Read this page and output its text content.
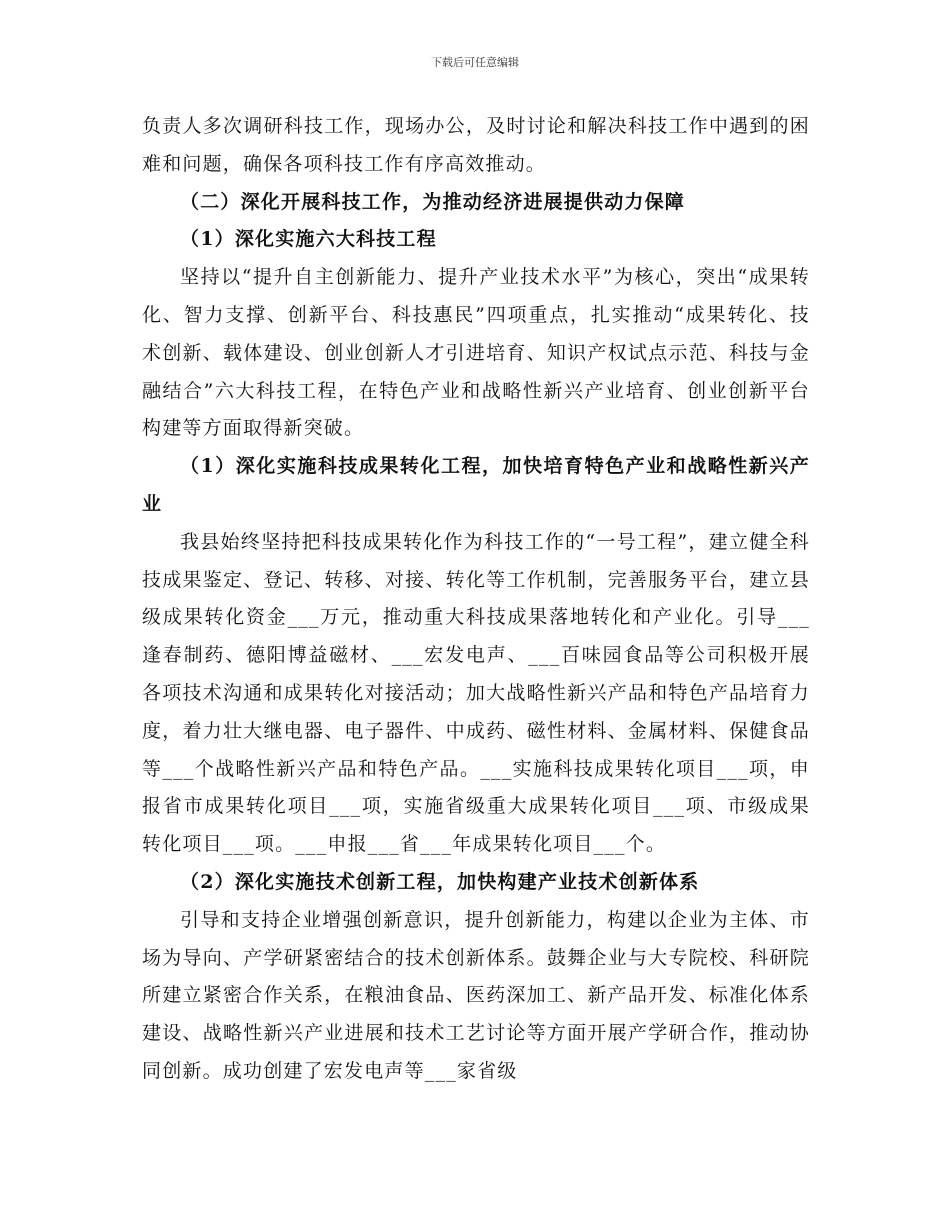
下载后可任意编辑

负责人多次调研科技工作，现场办公，及时讨论和解决科技工作中遇到的困难和问题，确保各项科技工作有序高效推动。

（二）深化开展科技工作，为推动经济进展提供动力保障

（1）深化实施六大科技工程

坚持以“提升自主创新能力、提升产业技术水平”为核心，突出“成果转化、智力支撑、创新平台、科技惠民”四项重点，扎实推动“成果转化、技术创新、载体建设、创业创新人才引进培育、知识产权试点示范、科技与金融结合”六大科技工程，在特色产业和战略性新兴产业培育、创业创新平台构建等方面取得新突破。

（1）深化实施科技成果转化工程，加快培育特色产业和战略性新兴产业

我县始终坚持把科技成果转化作为科技工作的“一号工程”，建立健全科技成果鉴定、登记、转移、对接、转化等工作机制，完善服务平台，建立县级成果转化资金___万元，推动重大科技成果落地转化和产业化。引导___逢春制药、德阳博益磁材、___宏发电声、___百味园食品等公司积极开展各项技术沟通和成果转化对接活动；加大战略性新兴产品和特色产品培育力度，着力壮大继电器、电子器件、中成药、磁性材料、金属材料、保健食品等___个战略性新兴产品和特色产品。___实施科技成果转化项目___项，申报省市成果转化项目___项，实施省级重大成果转化项目___项、市级成果转化项目___项。___申报___省___年成果转化项目___个。

（2）深化实施技术创新工程，加快构建产业技术创新体系

引导和支持企业增强创新意识，提升创新能力，构建以企业为主体、市场为导向、产学研紧密结合的技术创新体系。鼓舞企业与大专院校、科研院所建立紧密合作关系，在粮油食品、医药深加工、新产品开发、标准化体系建设、战略性新兴产业进展和技术工艺讨论等方面开展产学研合作，推动协同创新。成功创建了宏发电声等___家省级
